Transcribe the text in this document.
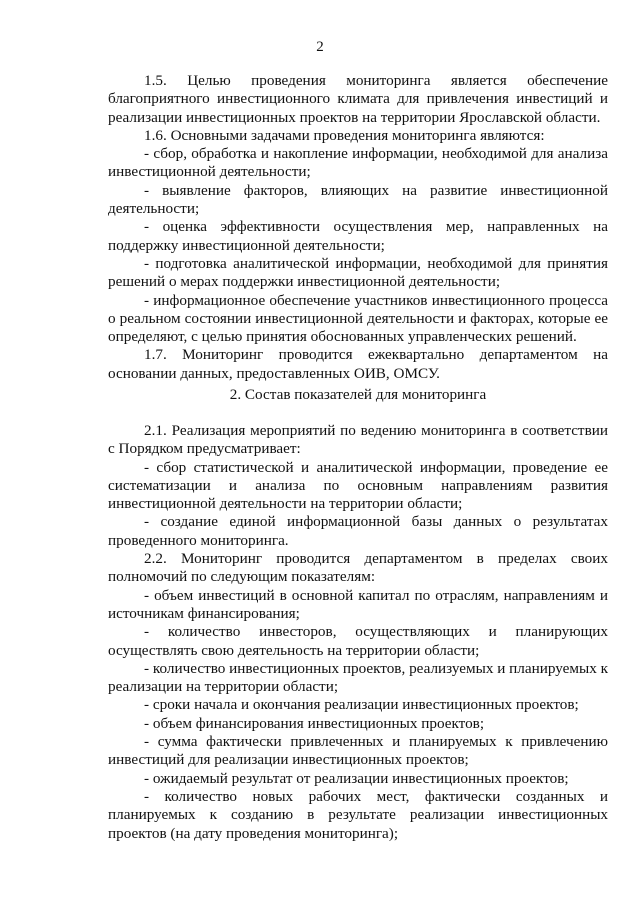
2

1.5. Целью проведения мониторинга является обеспечение благоприятного инвестиционного климата для привлечения инвестиций и реализации инвестиционных проектов на территории Ярославской области.

1.6. Основными задачами проведения мониторинга являются:

- сбор, обработка и накопление информации, необходимой для анализа инвестиционной деятельности;

- выявление факторов, влияющих на развитие инвестиционной деятельности;

- оценка эффективности осуществления мер, направленных на поддержку инвестиционной деятельности;

- подготовка аналитической информации, необходимой для принятия решений о мерах поддержки инвестиционной деятельности;

- информационное обеспечение участников инвестиционного процесса о реальном состоянии инвестиционной деятельности и факторах, которые ее определяют, с целью принятия обоснованных управленческих решений.

1.7. Мониторинг проводится ежеквартально департаментом на основании данных, предоставленных ОИВ, ОМСУ.

2. Состав показателей для мониторинга

2.1. Реализация мероприятий по ведению мониторинга в соответствии с Порядком предусматривает:

- сбор статистической и аналитической информации, проведение ее систематизации и анализа по основным направлениям развития инвестиционной деятельности на территории области;

- создание единой информационной базы данных о результатах проведенного мониторинга.

2.2. Мониторинг проводится департаментом в пределах своих полномочий по следующим показателям:

- объем инвестиций в основной капитал по отраслям, направлениям и источникам финансирования;

- количество инвесторов, осуществляющих и планирующих осуществлять свою деятельность на территории области;

- количество инвестиционных проектов, реализуемых и планируемых к реализации на территории области;

- сроки начала и окончания реализации инвестиционных проектов;

- объем финансирования инвестиционных проектов;

- сумма фактически привлеченных и планируемых к привлечению инвестиций для реализации инвестиционных проектов;

- ожидаемый результат от реализации инвестиционных проектов;

- количество новых рабочих мест, фактически созданных и планируемых к созданию в результате реализации инвестиционных проектов (на дату проведения мониторинга);
